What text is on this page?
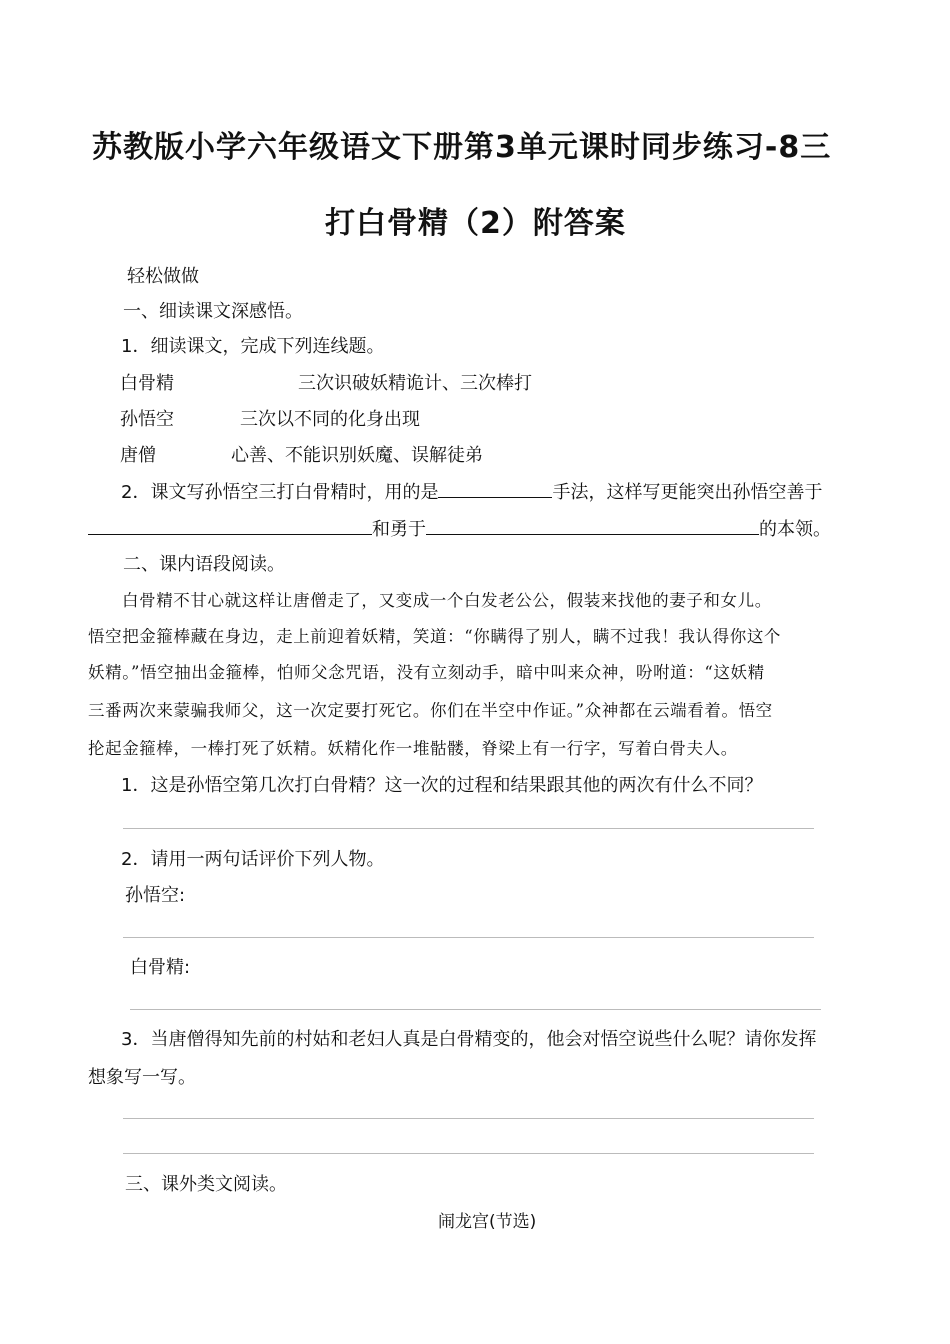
苏教版小学六年级语文下册第3单元课时同步练习-8三
打白骨精（2）附答案
轻松做做
一、细读课文深感悟。
1．细读课文，完成下列连线题。
白骨精	三次识破妖精诡计、三次棒打
孙悟空	三次以不同的化身出现
唐僧	心善、不能识别妖魔、误解徒弟
2．课文写孙悟空三打白骨精时，用的是	手法，这样写更能突出孙悟空善于
和勇于	的本领。
二、课内语段阅读。
白骨精不甘心就这样让唐僧走了，又变成一个白发老公公，假装来找他的妻子和女儿。
悟空把金箍棒藏在身边，走上前迎着妖精，笑道：“你瞒得了别人，瞒不过我！我认得你这个
妖精。”悟空抽出金箍棒，怕师父念咒语，没有立刻动手，暗中叫来众神，吩咐道：“这妖精
三番两次来蒙骗我师父，这一次定要打死它。你们在半空中作证。”众神都在云端看着。悟空
抡起金箍棒，一棒打死了妖精。妖精化作一堆骷髅，脊梁上有一行字，写着白骨夫人。
1．这是孙悟空第几次打白骨精？这一次的过程和结果跟其他的两次有什么不同？
2．请用一两句话评价下列人物。
孙悟空:
白骨精:
3．当唐僧得知先前的村姑和老妇人真是白骨精变的，他会对悟空说些什么呢？请你发挥
想象写一写。
三、课外类文阅读。
闹龙宫(节选)
